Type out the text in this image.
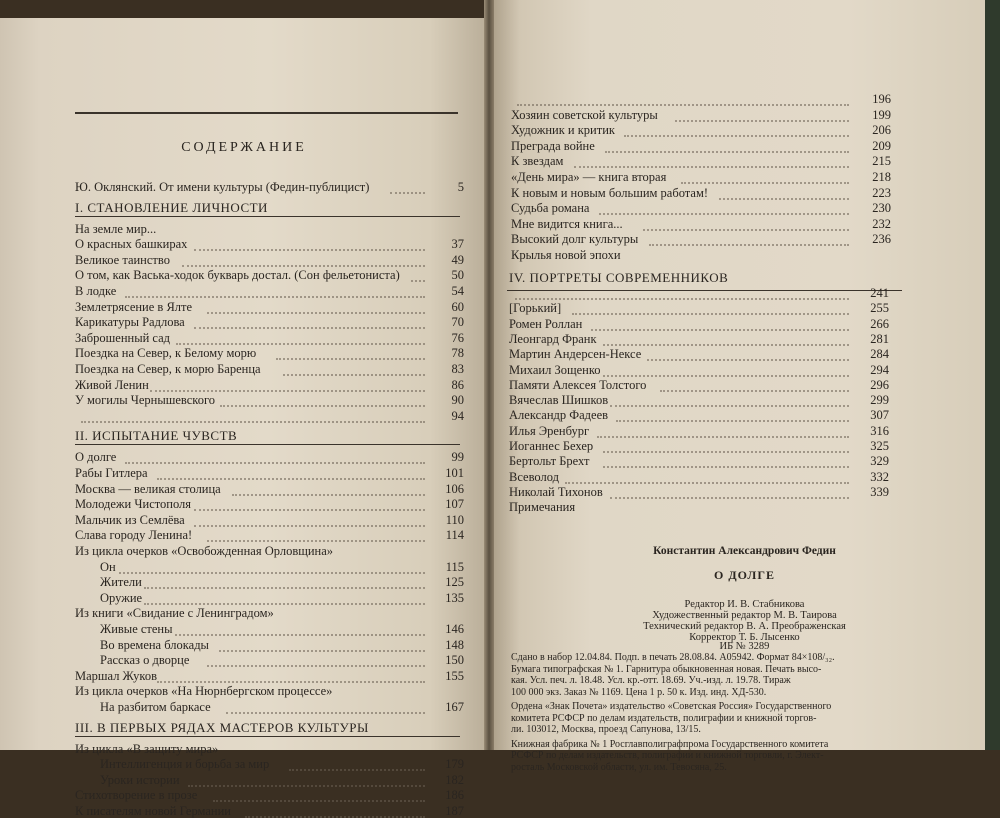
СОДЕРЖАНИЕ
Ю. Оклянский. От имени культуры (Федин-публицист)	5
I. СТАНОВЛЕНИЕ ЛИЧНОСТИ
На земле мир...
О красных башкирах	37
Великое таинство	49
О том, как Васька-ходок букварь достал. (Сон фельетониста)	50
В лодке	54
Землетрясение в Ялте	60
Карикатуры Радлова	70
Заброшенный сад	76
Поездка на Север, к Белому морю	78
Поездка на Север, к морю Баренца	83
Живой Ленин	86
У могилы Чернышевского	90
94
II. ИСПЫТАНИЕ ЧУВСТВ
О долге	99
Рабы Гитлера	101
Москва — великая столица	106
Молодежи Чистополя	107
Мальчик из Семлёва	110
Слава городу Ленина!	114
Из цикла очерков «Освобожденная Орловщина»
Он	115
Жители	125
Оружие	135
Из книги «Свидание с Ленинградом»
Живые стены	146
Во времена блокады	148
Рассказ о дворце	150
Маршал Жуков	155
Из цикла очерков «На Нюрнбергском процессе»
На разбитом баркасе	167
III. В ПЕРВЫХ РЯДАХ МАСТЕРОВ КУЛЬТУРЫ
Из цикла «В защиту мира»
Интеллигенция и борьба за мир	179
Уроки истории	182
Стихотворение в прозе	186
К писателям новой Германии	187
196
Хозяин советской культуры	199
Художник и критик	206
Преграда войне	209
К звездам	215
«День мира» — книга вторая	218
К новым и новым большим работам!	223
Судьба романа	230
Мне видится книга...	232
Высокий долг культуры	236
Крылья новой эпохи
IV. ПОРТРЕТЫ СОВРЕМЕННИКОВ
241
[Горький]	255
Ромен Роллан	266
Леонгард Франк	281
Мартин Андерсен-Нексе	284
Михаил Зощенко	294
Памяти Алексея Толстого	296
Вячеслав Шишков	299
Александр Фадеев	307
Илья Эренбург	316
Иоганнес Бехер	325
Бертольт Брехт	329
Всеволод	332
Николай Тихонов	339
Примечания
Константин Александрович Федин
О ДОЛГЕ
Редактор И. В. Стабникова
Художественный редактор М. В. Таирова
Технический редактор В. А. Преображенская
Корректор Т. Б. Лысенко
ИБ № 3289
Сдано в набор 12.04.84. Подп. в печать 28.08.84. А05942. Формат 84×108/₃₂.
Бумага типографская № 1. Гарнитура обыкновенная новая. Печать высо-
кая. Усл. печ. л. 18.48. Усл. кр.-отт. 18.69. Уч.-изд. л. 19.78. Тираж
100 000 экз. Заказ № 1169. Цена 1 р. 50 к. Изд. инд. ХД-530.
Ордена «Знак Почета» издательство «Советская Россия» Государственного
комитета РСФСР по делам издательств, полиграфии и книжной торгов-
ли. 103012, Москва, проезд Сапунова, 13/15.
Книжная фабрика № 1 Росглавполиграфпрома Государственного комитета
РСФСР по делам издательств, полиграфии и книжной торговли, г. Элект-
росталь Московской области, ул. им. Тевосяна, 25.
